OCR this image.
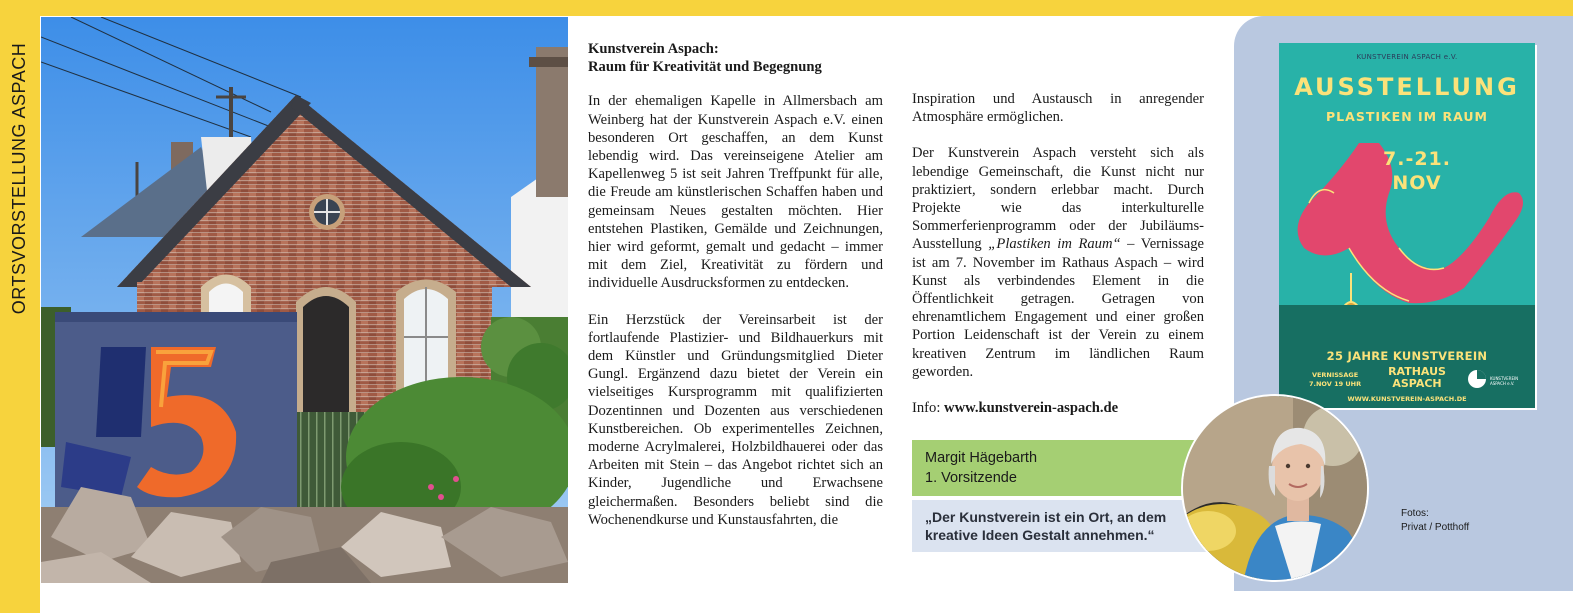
ORTSVORSTELLUNG ASPACH	Kunstverein Aspach:
Raum für Kreativität und Begegnung

In der ehemaligen Kapelle in Allmersbach am Weinberg hat der Kunstverein Aspach e.V. einen besonderen Ort geschaffen, an dem Kunst lebendig wird. Das vereinseigene Atelier am Kapellenweg 5 ist seit Jahren Treffpunkt für alle, die Freude am künstlerischen Schaffen haben und gemeinsam Neues gestalten möchten. Hier entstehen Plastiken, Gemälde und Zeichnungen, hier wird geformt, gemalt und gedacht – immer mit dem Ziel, Kreativität zu fördern und individuelle Ausdrucksformen zu entdecken.

Ein Herzstück der Vereinsarbeit ist der fortlaufende Plastizier- und Bildhauerkurs mit dem Künstler und Gründungsmitglied Dieter Gungl. Ergänzend dazu bietet der Verein ein vielseitiges Kursprogramm mit qualifizierten Dozentinnen und Dozenten aus verschiedenen Kunstbereichen. Ob experimentelles Zeichnen, moderne Acrylmalerei, Holzbildhauerei oder das Arbeiten mit Stein – das Angebot richtet sich an Kinder, Jugendliche und Erwachsene gleichermaßen. Besonders beliebt sind die Wochenendkurse und Kunstausfahrten, die

Inspiration und Austausch in anregender Atmosphäre ermöglichen.

Der Kunstverein Aspach versteht sich als lebendige Gemeinschaft, die Kunst nicht nur praktiziert, sondern erlebbar macht. Durch Projekte wie das interkulturelle Sommerferienprogramm oder der Jubiläums-Ausstellung „Plastiken im Raum“ – Vernissage ist am 7. November im Rathaus Aspach – wird Kunst als verbindendes Element in die Öffentlichkeit getragen. Getragen von ehrenamtlichem Engagement und einer großen Portion Leidenschaft ist der Verein zu einem kreativen Zentrum im ländlichen Raum geworden.

Info: www.kunstverein-aspach.de

KUNSTVEREIN ASPACH e.V.
AUSSTELLUNG
PLASTIKEN IM RAUM
7.-21.
NOV
25 JAHRE KUNSTVEREIN
VERNISSAGE
7.NOV 19 UHR
RATHAUS
ASPACH	KUNSTVEREIN ASPACH e.V.
WWW.KUNSTVEREIN-ASPACH.DE
Margit Hägebarth
1. Vorsitzende
„Der Kunstverein ist ein Ort, an dem kreative Ideen Gestalt annehmen.“
Fotos:
Privat / Potthoff
